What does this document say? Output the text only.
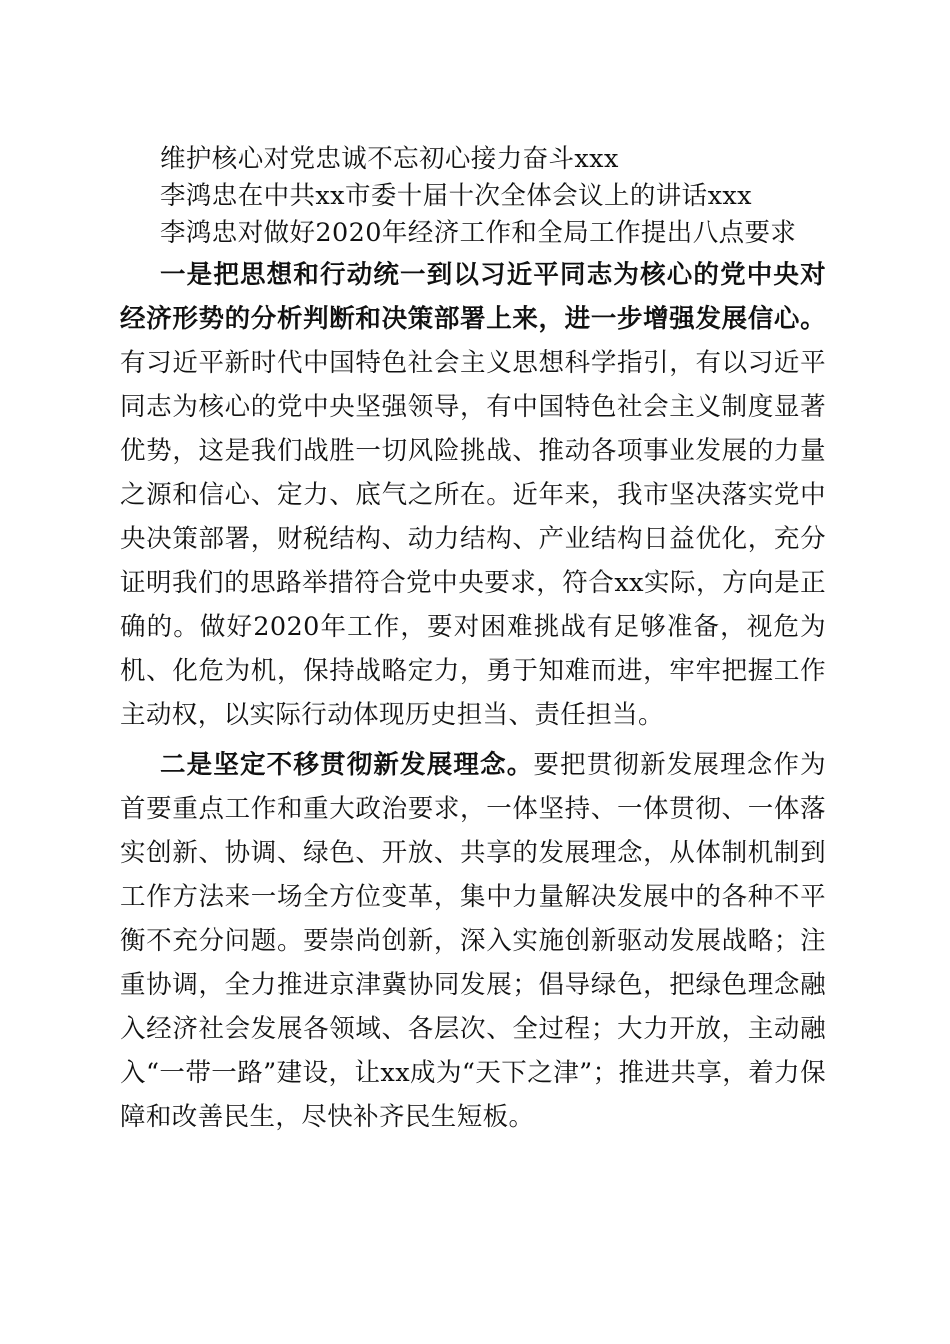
维护核心对党忠诚不忘初心接力奋斗xxx

李鸿忠在中共xx市委十届十次全体会议上的讲话xxx

李鸿忠对做好2020年经济工作和全局工作提出八点要求

一是把思想和行动统一到以习近平同志为核心的党中央对经济形势的分析判断和决策部署上来，进一步增强发展信心。有习近平新时代中国特色社会主义思想科学指引，有以习近平同志为核心的党中央坚强领导，有中国特色社会主义制度显著优势，这是我们战胜一切风险挑战、推动各项事业发展的力量之源和信心、定力、底气之所在。近年来，我市坚决落实党中央决策部署，财税结构、动力结构、产业结构日益优化，充分证明我们的思路举措符合党中央要求，符合xx实际，方向是正确的。做好2020年工作，要对困难挑战有足够准备，视危为机、化危为机，保持战略定力，勇于知难而进，牢牢把握工作主动权，以实际行动体现历史担当、责任担当。

二是坚定不移贯彻新发展理念。要把贯彻新发展理念作为首要重点工作和重大政治要求，一体坚持、一体贯彻、一体落实创新、协调、绿色、开放、共享的发展理念，从体制机制到工作方法来一场全方位变革，集中力量解决发展中的各种不平衡不充分问题。要崇尚创新，深入实施创新驱动发展战略；注重协调，全力推进京津冀协同发展；倡导绿色，把绿色理念融入经济社会发展各领域、各层次、全过程；大力开放，主动融入“一带一路”建设，让xx成为“天下之津”；推进共享，着力保障和改善民生，尽快补齐民生短板。
